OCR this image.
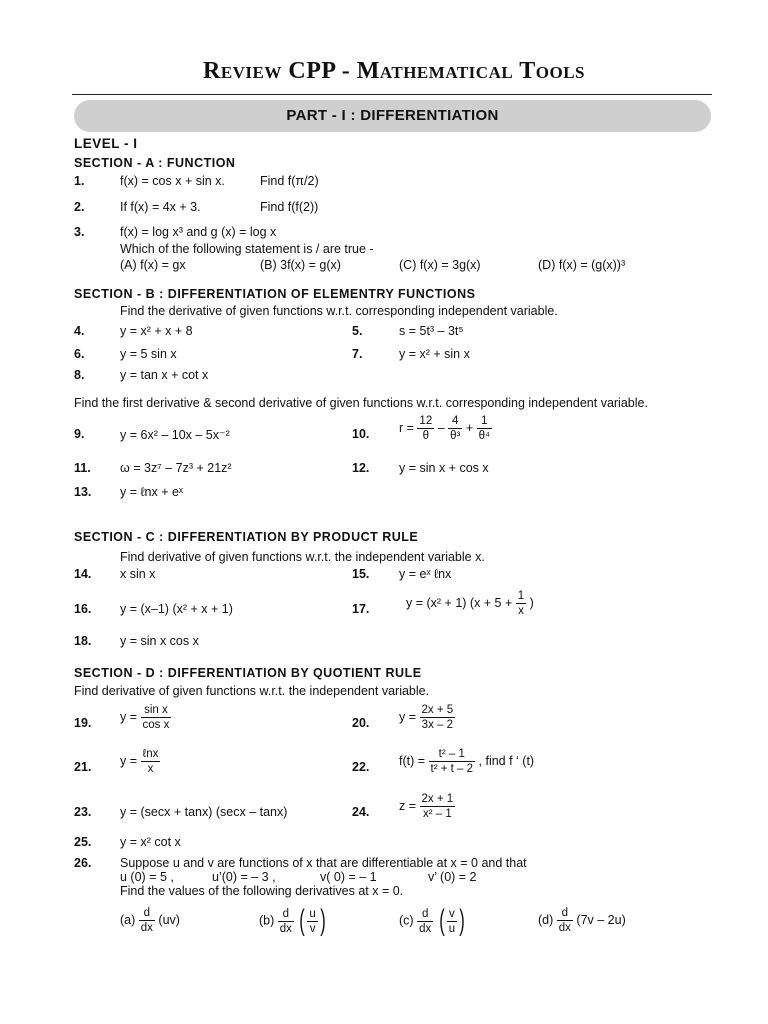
Review CPP - Mathematical Tools
PART - I : DIFFERENTIATION
LEVEL - I
SECTION - A : FUNCTION
1.	f(x) = cos x + sin x.	Find f(π/2)
2.	If f(x) = 4x + 3.	Find f(f(2))
3.	f(x) = log x³ and g (x) = log x
Which of the following statement is / are true -
(A) f(x) = gx	(B) 3f(x) = g(x)	(C) f(x) = 3g(x)	(D) f(x) = (g(x))³
SECTION - B : DIFFERENTIATION OF ELEMENTRY FUNCTIONS
Find the derivative of given functions w.r.t. corresponding independent variable.
4.	y = x² + x + 8	5.	s = 5t³ – 3t⁵
6.	y = 5 sin x	7.	y = x² + sin x
8.	y = tan x + cot x
Find the first derivative & second derivative of given functions w.r.t. corresponding independent variable.
9.	y = 6x² – 10x – 5x⁻²	10. $r = \frac{12}{\theta} - \frac{4}{\text{θ³}} + \frac{1}{\text{θ⁴}}$
11. ω = 3z⁷ – 7z³ + 21z²	12. y = sin x + cos x
13. y = ℓnx + eˣ
SECTION - C : DIFFERENTIATION BY PRODUCT RULE
Find derivative of given functions w.r.t. the independent variable x.
14. x sin x	15. y = eˣ ℓnx
16. y = (x–1) (x² + x + 1)	17.	y = (x² + 1) ($x + 5 + \frac{1}{x}$ )
18. y = sin x cos x
SECTION - D : DIFFERENTIATION BY QUOTIENT RULE
Find derivative of given functions w.r.t. the independent variable.
19. $y = \frac{\text{sin x}}{\text{cos x}}$	20. $y = \frac{2x + 5}{3x - 2}$
21. $y = \frac{\text{ℓnx}}{x}$	22. $f(t) = \frac{\text{t² – 1}}{\text{t² + t – 2}}$ , find f ‘ (t)
23. y = (secx + tanx) (secx – tanx)	24. $z = \frac{2x + 1}{\text{x² – 1}}$
25. y = x² cot x
26. Suppose u and v are functions of x that are differentiable at x = 0 and that
u (0) = 5 ,	u’(0) = – 3 ,	v( 0) = – 1	v’ (0) = 2
Find the values of the following derivatives at x = 0.
$(a) \frac{d}{dx} (uv)$	$(b) \frac{d}{dx}$ ( $\frac{u}{v}$ )	$(c) \frac{d}{dx}$ ( $\frac{v}{u}$ )	$(d) \frac{d}{dx} (7v - 2u)$
